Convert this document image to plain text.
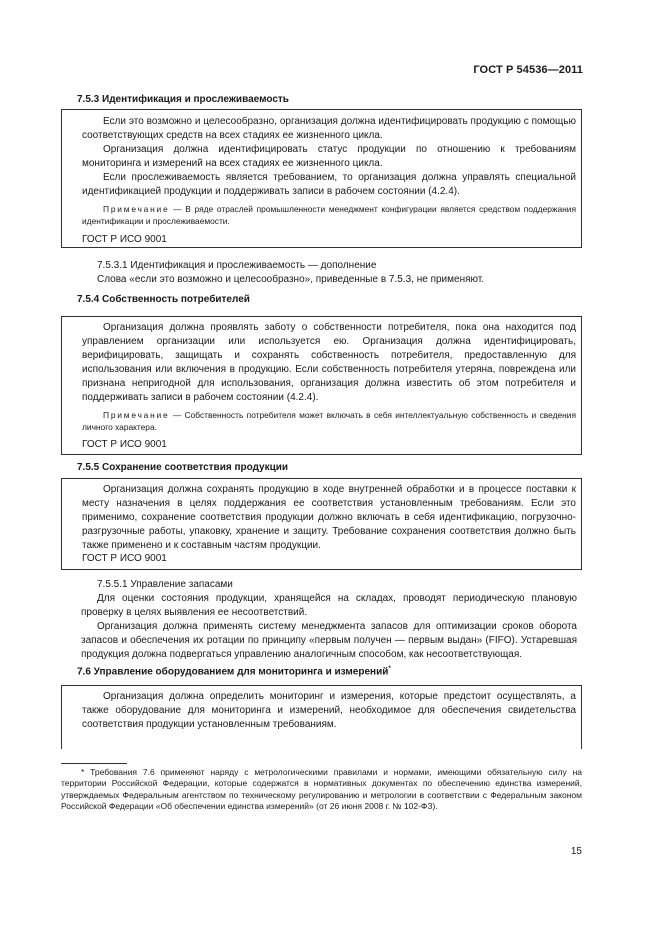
ГОСТ Р 54536—2011
7.5.3 Идентификация и прослеживаемость

Если это возможно и целесообразно, организация должна идентифицировать продукцию с помощью соответствующих средств на всех стадиях ее жизненного цикла.

Организация должна идентифицировать статус продукции по отношению к требованиям мониторинга и измерений на всех стадиях ее жизненного цикла.

Если прослеживаемость является требованием, то организация должна управлять специальной идентификацией продукции и поддерживать записи в рабочем состоянии (4.2.4).

Примечание — В ряде отраслей промышленности менеджмент конфигурации является средством поддержания идентификации и прослеживаемости.

ГОСТ Р ИСО 9001

7.5.3.1 Идентификация и прослеживаемость — дополнение

Слова «если это возможно и целесообразно», приведенные в 7.5.3, не применяют.

7.5.4 Собственность потребителей

Организация должна проявлять заботу о собственности потребителя, пока она находится под управлением организации или используется ею. Организация должна идентифицировать, верифицировать, защищать и сохранять собственность потребителя, предоставленную для использования или включения в продукцию. Если собственность потребителя утеряна, повреждена или признана непригодной для использования, организация должна известить об этом потребителя и поддерживать записи в рабочем состоянии (4.2.4).

Примечание — Собственность потребителя может включать в себя интеллектуальную собственность и сведения личного характера.

ГОСТ Р ИСО 9001

7.5.5 Сохранение соответствия продукции

Организация должна сохранять продукцию в ходе внутренней обработки и в процессе поставки к месту назначения в целях поддержания ее соответствия установленным требованиям. Если это применимо, сохранение соответствия продукции должно включать в себя идентификацию, погрузочно-разгрузочные работы, упаковку, хранение и защиту. Требование сохранения соответствия должно быть также применено и к составным частям продукции.

ГОСТ Р ИСО 9001

7.5.5.1 Управление запасами

Для оценки состояния продукции, хранящейся на складах, проводят периодическую плановую проверку в целях выявления ее несоответствий.

Организация должна применять систему менеджмента запасов для оптимизации сроков оборота запасов и обеспечения их ротации по принципу «первым получен — первым выдан» (FIFO). Устаревшая продукция должна подвергаться управлению аналогичным способом, как несоответствующая.

7.6 Управление оборудованием для мониторинга и измерений*

Организация должна определить мониторинг и измерения, которые предстоит осуществлять, а также оборудование для мониторинга и измерений, необходимое для обеспечения свидетельства соответствия продукции установленным требованиям.

* Требования 7.6 применяют наряду с метрологическими правилами и нормами, имеющими обязательную силу на территории Российской Федерации, которые содержатся в нормативных документах по обеспечению единства измерений, утверждаемых Федеральным агентством по техническому регулированию и метрологии в соответствии с Федеральным законом Российской Федерации «Об обеспечении единства измерений» (от 26 июня 2008 г. № 102-ФЗ).
15
